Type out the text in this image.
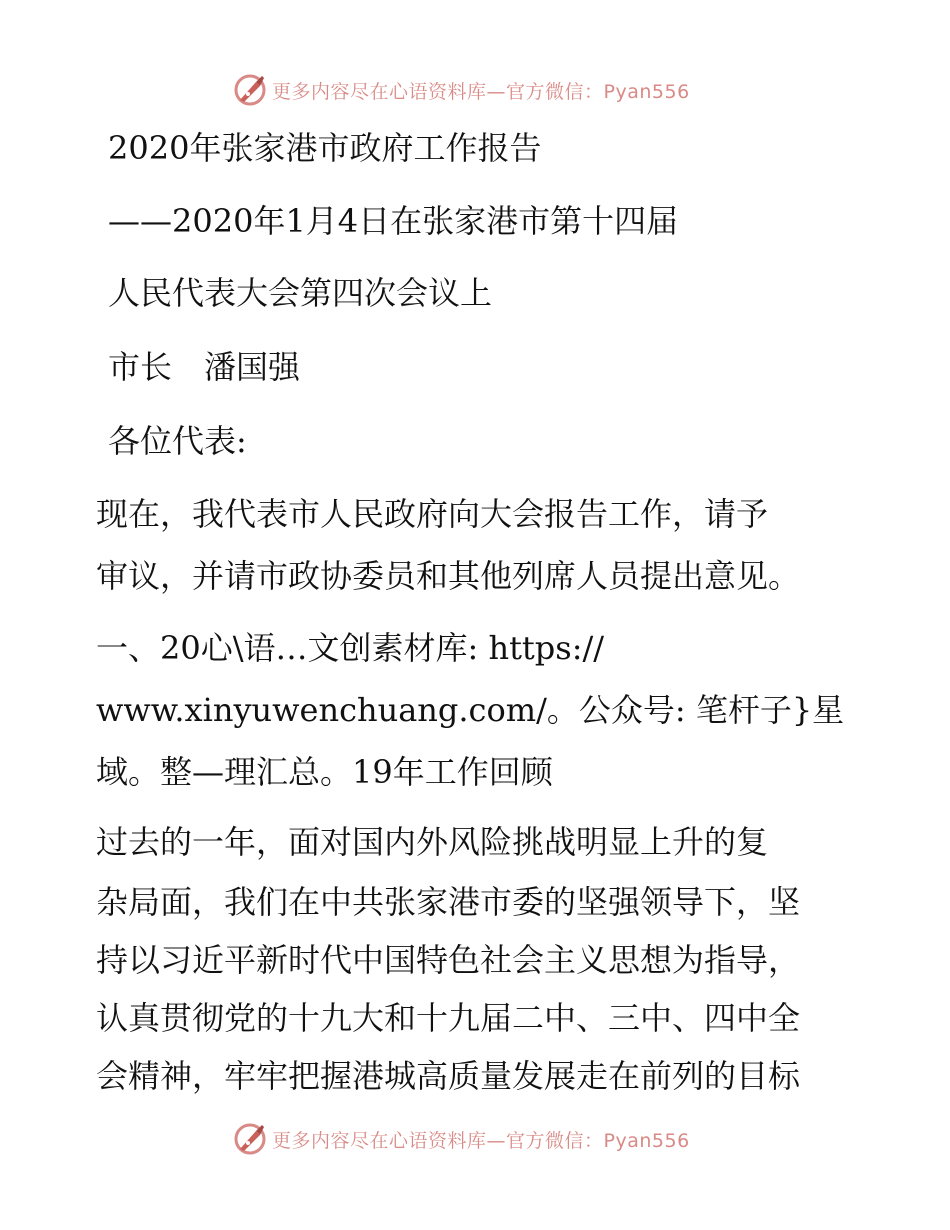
更多内容尽在心语资料库—官方微信：Pyan556

2020年张家港市政府工作报告

——2020年1月4日在张家港市第十四届

人民代表大会第四次会议上

市长　潘国强

各位代表:

现在，我代表市人民政府向大会报告工作，请予

审议，并请市政协委员和其他列席人员提出意见。

一、20心\语…文创素材库: https://

www.xinyuwenchuang.com/。公众号: 笔杆子}星

域。整—理汇总。19年工作回顾

过去的一年，面对国内外风险挑战明显上升的复

杂局面，我们在中共张家港市委的坚强领导下，坚

持以习近平新时代中国特色社会主义思想为指导，

认真贯彻党的十九大和十九届二中、三中、四中全

会精神，牢牢把握港城高质量发展走在前列的目标

更多内容尽在心语资料库—官方微信：Pyan556
